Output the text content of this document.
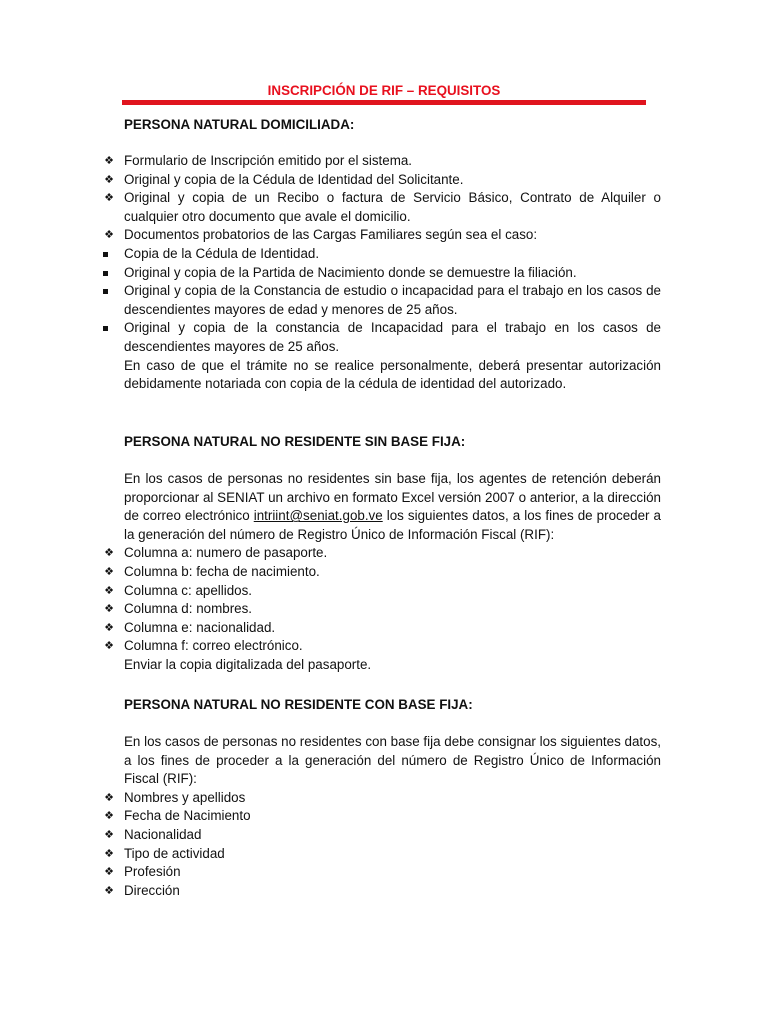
INSCRIPCIÓN DE RIF – REQUISITOS
PERSONA NATURAL DOMICILIADA:
❖ Formulario de Inscripción emitido por el sistema.
❖ Original y copia de la Cédula de Identidad del Solicitante.
❖ Original y copia de un Recibo o factura de Servicio Básico, Contrato de Alquiler o cualquier otro documento que avale el domicilio.
❖ Documentos probatorios de las Cargas Familiares según sea el caso:
Copia de la Cédula de Identidad.
Original y copia de la Partida de Nacimiento donde se demuestre la filiación.
Original y copia de la Constancia de estudio o incapacidad para el trabajo en los casos de descendientes mayores de edad y menores de 25 años.
Original y copia de la constancia de Incapacidad para el trabajo en los casos de descendientes mayores de 25 años.

En caso de que el trámite no se realice personalmente, deberá presentar autorización debidamente notariada con copia de la cédula de identidad del autorizado.

PERSONA NATURAL NO RESIDENTE SIN BASE FIJA:

En los casos de personas no residentes sin base fija, los agentes de retención deberán proporcionar al SENIAT un archivo en formato Excel versión 2007 o anterior, a la dirección de correo electrónico intriint@seniat.gob.ve los siguientes datos, a los fines de proceder a la generación del número de Registro Único de Información Fiscal (RIF):

❖ Columna a: numero de pasaporte.
❖ Columna b: fecha de nacimiento.
❖ Columna c: apellidos.
❖ Columna d: nombres.
❖ Columna e: nacionalidad.
❖ Columna f: correo electrónico.

Enviar la copia digitalizada del pasaporte.

PERSONA NATURAL NO RESIDENTE CON BASE FIJA:

En los casos de personas no residentes con base fija debe consignar los siguientes datos, a los fines de proceder a la generación del número de Registro Único de Información Fiscal (RIF):

❖ Nombres y apellidos
❖ Fecha de Nacimiento
❖ Nacionalidad
❖ Tipo de actividad
❖ Profesión
❖ Dirección
